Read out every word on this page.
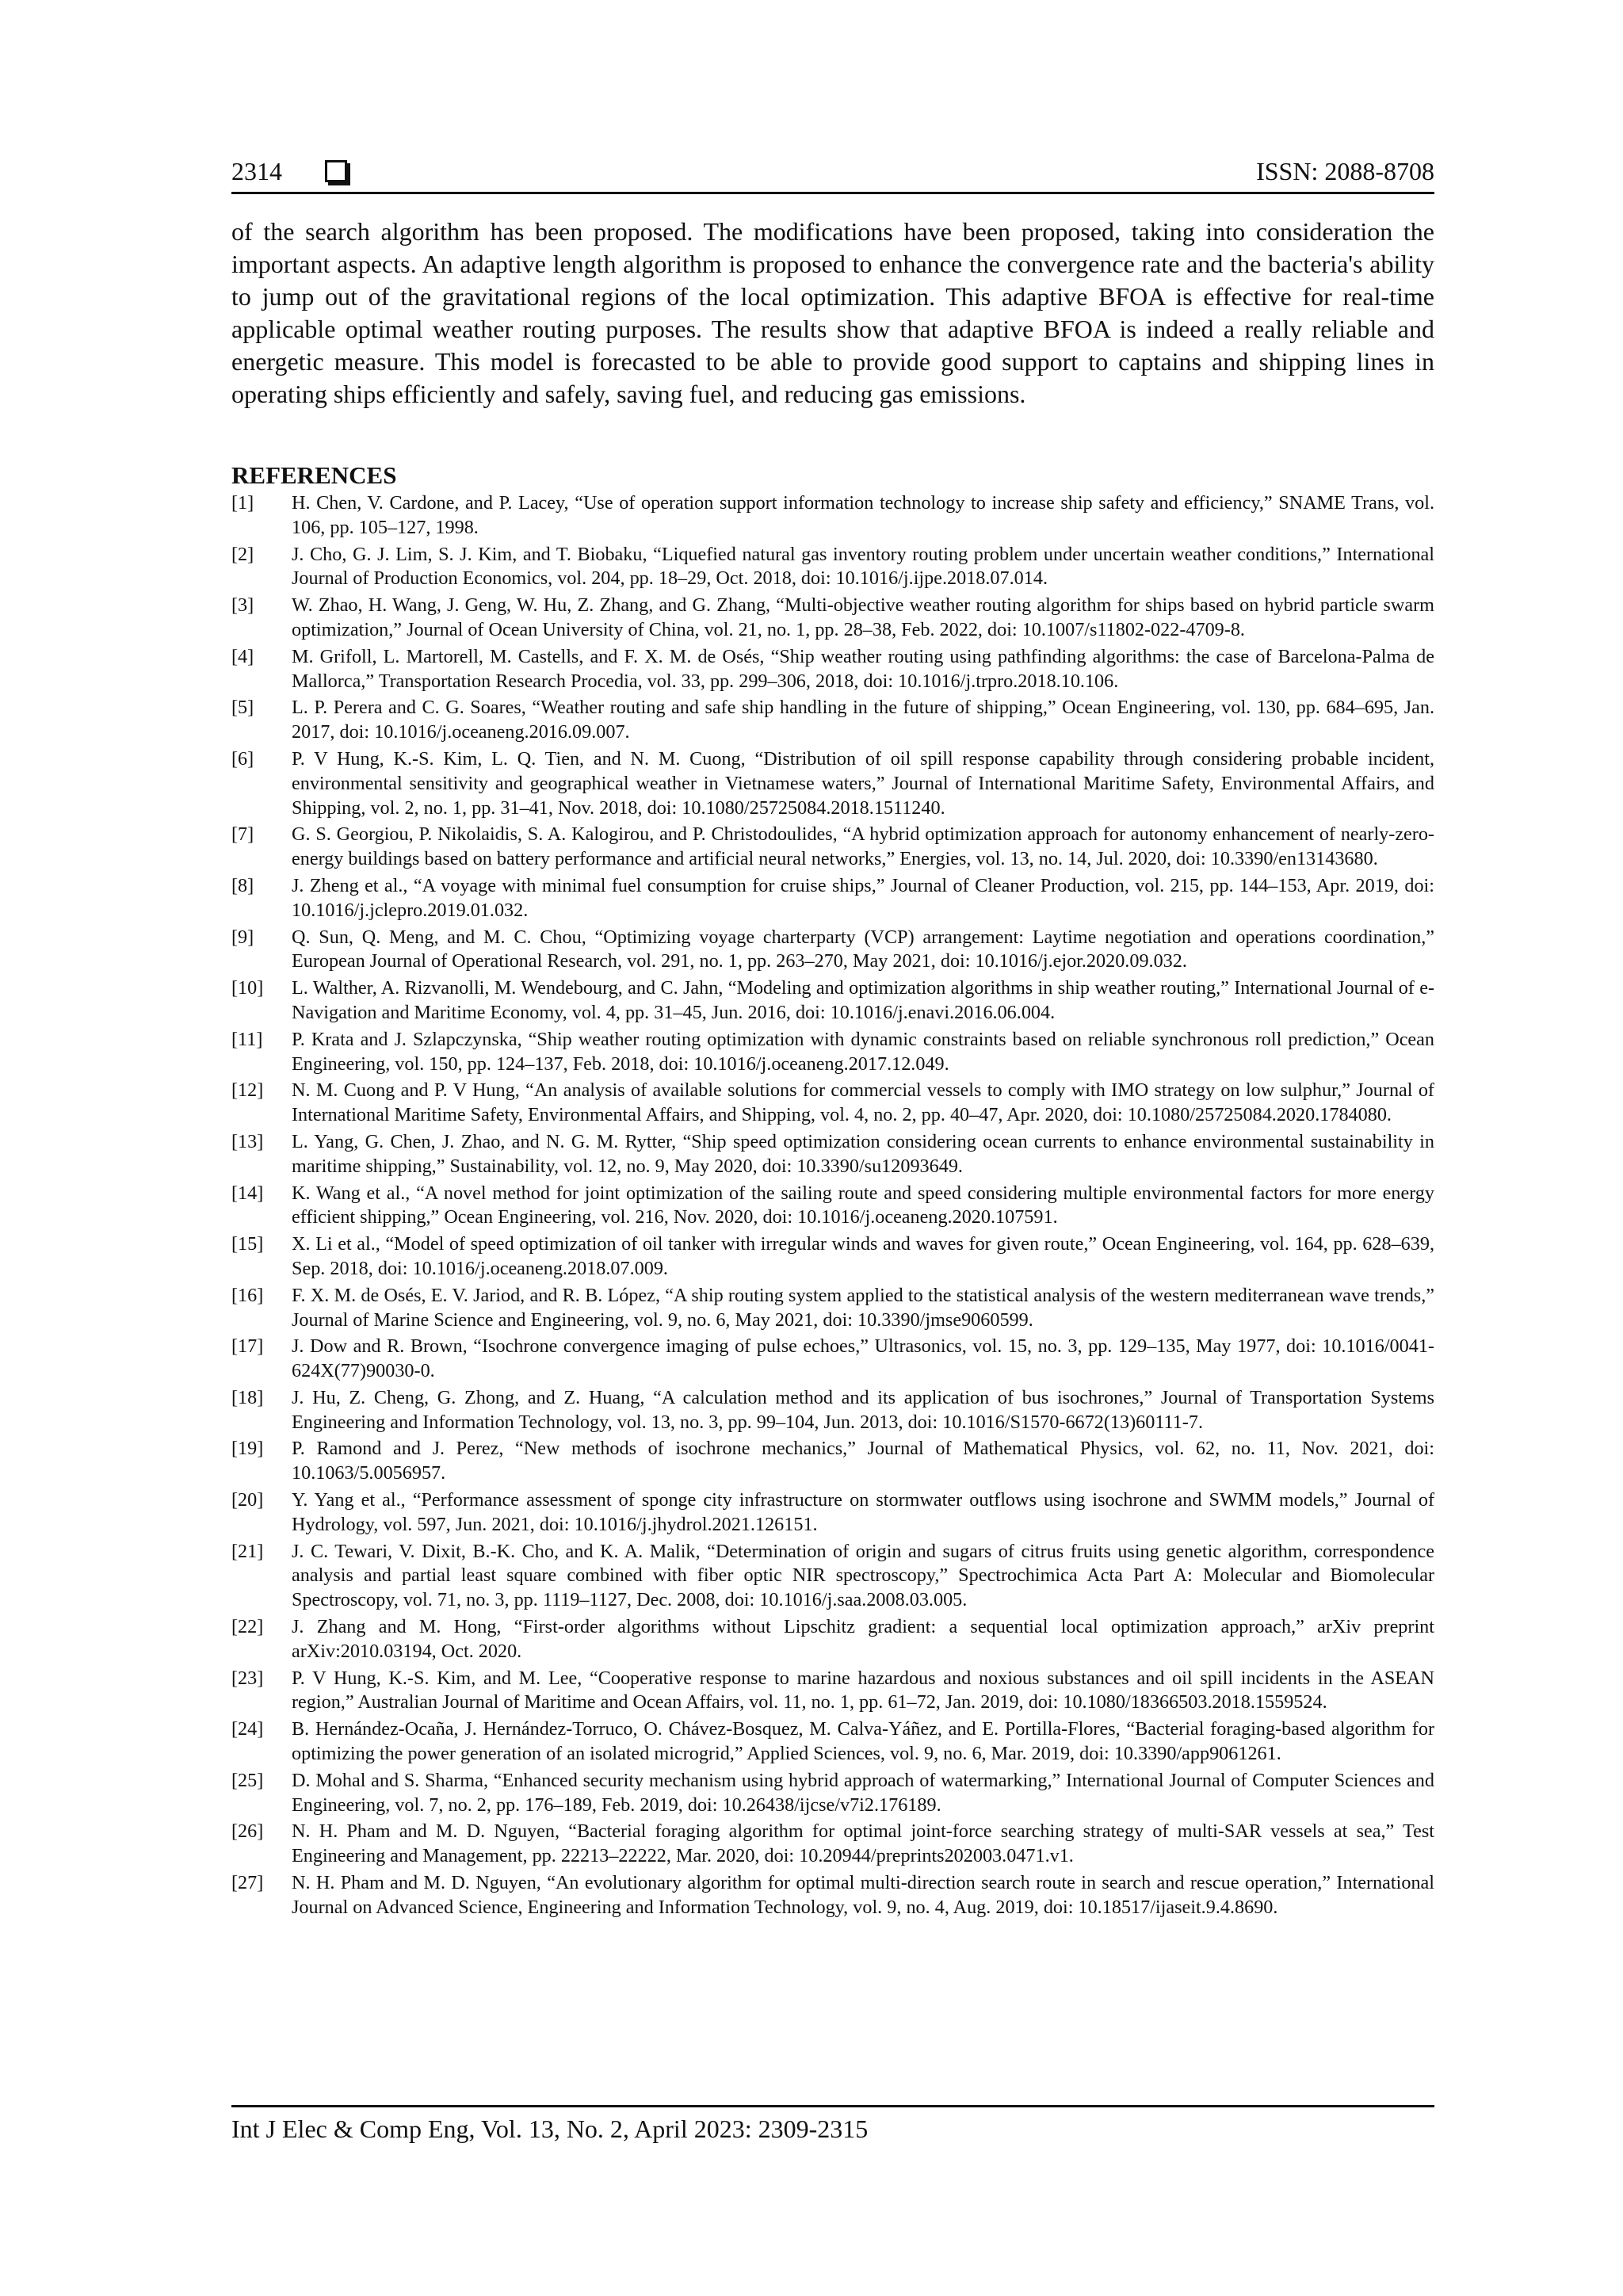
2314	ISSN: 2088-8708

of the search algorithm has been proposed. The modifications have been proposed, taking into consideration the important aspects. An adaptive length algorithm is proposed to enhance the convergence rate and the bacteria's ability to jump out of the gravitational regions of the local optimization. This adaptive BFOA is effective for real-time applicable optimal weather routing purposes. The results show that adaptive BFOA is indeed a really reliable and energetic measure. This model is forecasted to be able to provide good support to captains and shipping lines in operating ships efficiently and safely, saving fuel, and reducing gas emissions.

REFERENCES
[1] H. Chen, V. Cardone, and P. Lacey, “Use of operation support information technology to increase ship safety and efficiency,” SNAME Trans, vol. 106, pp. 105–127, 1998.
[2] J. Cho, G. J. Lim, S. J. Kim, and T. Biobaku, “Liquefied natural gas inventory routing problem under uncertain weather conditions,” International Journal of Production Economics, vol. 204, pp. 18–29, Oct. 2018, doi: 10.1016/j.ijpe.2018.07.014.
[3] W. Zhao, H. Wang, J. Geng, W. Hu, Z. Zhang, and G. Zhang, “Multi-objective weather routing algorithm for ships based on hybrid particle swarm optimization,” Journal of Ocean University of China, vol. 21, no. 1, pp. 28–38, Feb. 2022, doi: 10.1007/s11802-022-4709-8.
[4] M. Grifoll, L. Martorell, M. Castells, and F. X. M. de Osés, “Ship weather routing using pathfinding algorithms: the case of Barcelona-Palma de Mallorca,” Transportation Research Procedia, vol. 33, pp. 299–306, 2018, doi: 10.1016/j.trpro.2018.10.106.
[5] L. P. Perera and C. G. Soares, “Weather routing and safe ship handling in the future of shipping,” Ocean Engineering, vol. 130, pp. 684–695, Jan. 2017, doi: 10.1016/j.oceaneng.2016.09.007.
[6] P. V Hung, K.-S. Kim, L. Q. Tien, and N. M. Cuong, “Distribution of oil spill response capability through considering probable incident, environmental sensitivity and geographical weather in Vietnamese waters,” Journal of International Maritime Safety, Environmental Affairs, and Shipping, vol. 2, no. 1, pp. 31–41, Nov. 2018, doi: 10.1080/25725084.2018.1511240.
[7] G. S. Georgiou, P. Nikolaidis, S. A. Kalogirou, and P. Christodoulides, “A hybrid optimization approach for autonomy enhancement of nearly-zero-energy buildings based on battery performance and artificial neural networks,” Energies, vol. 13, no. 14, Jul. 2020, doi: 10.3390/en13143680.
[8] J. Zheng et al., “A voyage with minimal fuel consumption for cruise ships,” Journal of Cleaner Production, vol. 215, pp. 144–153, Apr. 2019, doi: 10.1016/j.jclepro.2019.01.032.
[9] Q. Sun, Q. Meng, and M. C. Chou, “Optimizing voyage charterparty (VCP) arrangement: Laytime negotiation and operations coordination,” European Journal of Operational Research, vol. 291, no. 1, pp. 263–270, May 2021, doi: 10.1016/j.ejor.2020.09.032.
[10] L. Walther, A. Rizvanolli, M. Wendebourg, and C. Jahn, “Modeling and optimization algorithms in ship weather routing,” International Journal of e-Navigation and Maritime Economy, vol. 4, pp. 31–45, Jun. 2016, doi: 10.1016/j.enavi.2016.06.004.
[11] P. Krata and J. Szlapczynska, “Ship weather routing optimization with dynamic constraints based on reliable synchronous roll prediction,” Ocean Engineering, vol. 150, pp. 124–137, Feb. 2018, doi: 10.1016/j.oceaneng.2017.12.049.
[12] N. M. Cuong and P. V Hung, “An analysis of available solutions for commercial vessels to comply with IMO strategy on low sulphur,” Journal of International Maritime Safety, Environmental Affairs, and Shipping, vol. 4, no. 2, pp. 40–47, Apr. 2020, doi: 10.1080/25725084.2020.1784080.
[13] L. Yang, G. Chen, J. Zhao, and N. G. M. Rytter, “Ship speed optimization considering ocean currents to enhance environmental sustainability in maritime shipping,” Sustainability, vol. 12, no. 9, May 2020, doi: 10.3390/su12093649.
[14] K. Wang et al., “A novel method for joint optimization of the sailing route and speed considering multiple environmental factors for more energy efficient shipping,” Ocean Engineering, vol. 216, Nov. 2020, doi: 10.1016/j.oceaneng.2020.107591.
[15] X. Li et al., “Model of speed optimization of oil tanker with irregular winds and waves for given route,” Ocean Engineering, vol. 164, pp. 628–639, Sep. 2018, doi: 10.1016/j.oceaneng.2018.07.009.
[16] F. X. M. de Osés, E. V. Jariod, and R. B. López, “A ship routing system applied to the statistical analysis of the western mediterranean wave trends,” Journal of Marine Science and Engineering, vol. 9, no. 6, May 2021, doi: 10.3390/jmse9060599.
[17] J. Dow and R. Brown, “Isochrone convergence imaging of pulse echoes,” Ultrasonics, vol. 15, no. 3, pp. 129–135, May 1977, doi: 10.1016/0041-624X(77)90030-0.
[18] J. Hu, Z. Cheng, G. Zhong, and Z. Huang, “A calculation method and its application of bus isochrones,” Journal of Transportation Systems Engineering and Information Technology, vol. 13, no. 3, pp. 99–104, Jun. 2013, doi: 10.1016/S1570-6672(13)60111-7.
[19] P. Ramond and J. Perez, “New methods of isochrone mechanics,” Journal of Mathematical Physics, vol. 62, no. 11, Nov. 2021, doi: 10.1063/5.0056957.
[20] Y. Yang et al., “Performance assessment of sponge city infrastructure on stormwater outflows using isochrone and SWMM models,” Journal of Hydrology, vol. 597, Jun. 2021, doi: 10.1016/j.jhydrol.2021.126151.
[21] J. C. Tewari, V. Dixit, B.-K. Cho, and K. A. Malik, “Determination of origin and sugars of citrus fruits using genetic algorithm, correspondence analysis and partial least square combined with fiber optic NIR spectroscopy,” Spectrochimica Acta Part A: Molecular and Biomolecular Spectroscopy, vol. 71, no. 3, pp. 1119–1127, Dec. 2008, doi: 10.1016/j.saa.2008.03.005.
[22] J. Zhang and M. Hong, “First-order algorithms without Lipschitz gradient: a sequential local optimization approach,” arXiv preprint arXiv:2010.03194, Oct. 2020.
[23] P. V Hung, K.-S. Kim, and M. Lee, “Cooperative response to marine hazardous and noxious substances and oil spill incidents in the ASEAN region,” Australian Journal of Maritime and Ocean Affairs, vol. 11, no. 1, pp. 61–72, Jan. 2019, doi: 10.1080/18366503.2018.1559524.
[24] B. Hernández-Ocaña, J. Hernández-Torruco, O. Chávez-Bosquez, M. Calva-Yáñez, and E. Portilla-Flores, “Bacterial foraging-based algorithm for optimizing the power generation of an isolated microgrid,” Applied Sciences, vol. 9, no. 6, Mar. 2019, doi: 10.3390/app9061261.
[25] D. Mohal and S. Sharma, “Enhanced security mechanism using hybrid approach of watermarking,” International Journal of Computer Sciences and Engineering, vol. 7, no. 2, pp. 176–189, Feb. 2019, doi: 10.26438/ijcse/v7i2.176189.
[26] N. H. Pham and M. D. Nguyen, “Bacterial foraging algorithm for optimal joint-force searching strategy of multi-SAR vessels at sea,” Test Engineering and Management, pp. 22213–22222, Mar. 2020, doi: 10.20944/preprints202003.0471.v1.
[27] N. H. Pham and M. D. Nguyen, “An evolutionary algorithm for optimal multi-direction search route in search and rescue operation,” International Journal on Advanced Science, Engineering and Information Technology, vol. 9, no. 4, Aug. 2019, doi: 10.18517/ijaseit.9.4.8690.
Int J Elec & Comp Eng, Vol. 13, No. 2, April 2023: 2309-2315
